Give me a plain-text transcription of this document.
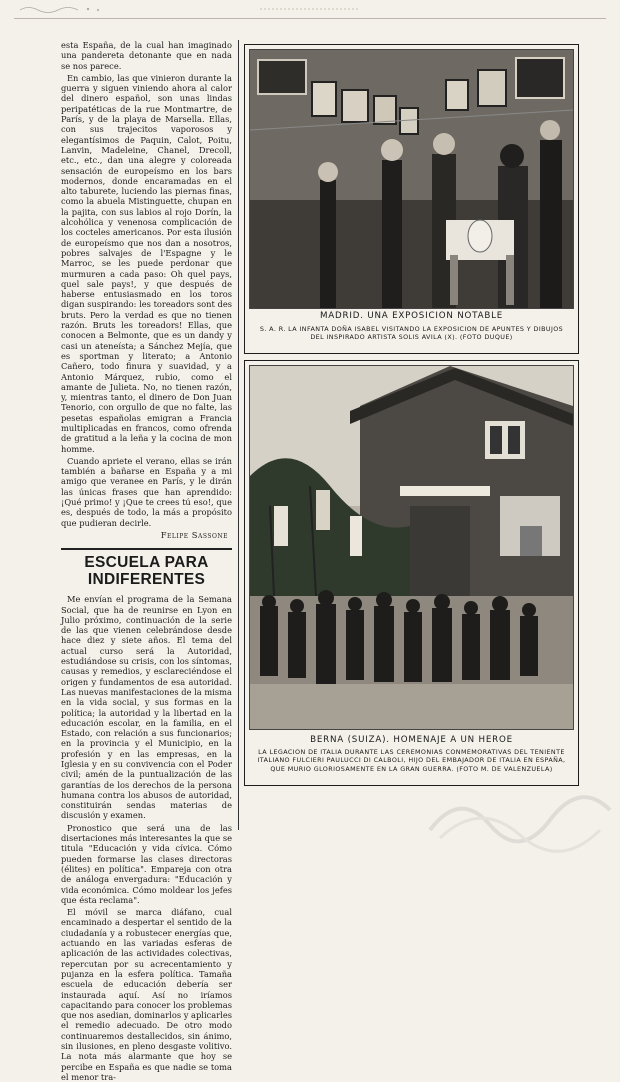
esta España, de la cual han imaginado una pandereta detonante que en nada se nos parece.

En cambio, las que vinieron durante la guerra y siguen viniendo ahora al calor del dinero español, son unas lindas peripatéticas de la rue Montmartre, de París, y de la playa de Marsella. Ellas, con sus trajecitos vaporosos y elegantísimos de Paquin, Calot, Poitu, Lanvin, Madeleine, Chanel, Drecoll, etc., etc., dan una alegre y coloreada sensación de europeísmo en los bars modernos, donde encaramadas en el alto taburete, luciendo las piernas finas, como la abuela Mistinguette, chupan en la pajita, con sus labios al rojo Dorín, la alcohólica y venenosa complicación de los cocteles americanos. Por esta ilusión de europeísmo que nos dan a nosotros, pobres salvajes de l'Espagne y le Marroc, se les puede perdonar que murmuren a cada paso: Oh quel pays, quel sale pays!, y que después de haberse entusiasmado en los toros digan suspirando: les toreadors sont des bruts. Pero la verdad es que no tienen razón. Bruts les toreadors! Ellas, que conocen a Belmonte, que es un dandy y casi un ateneísta; a Sánchez Mejía, que es sportman y literato; a Antonio Cañero, todo finura y suavidad, y a Antonio Márquez, rubio, como el amante de Julieta. No, no tienen razón, y, mientras tanto, el dinero de Don Juan Tenorio, con orgullo de que no falte, las pesetas españolas emigran a Francia multiplicadas en francos, como ofrenda de gratitud a la leña y la cocina de mon homme.

Cuando apriete el verano, ellas se irán también a bañarse en España y a mi amigo que veranee en París, y le dirán las únicas frases que han aprendido: ¡Qué primo! y ¡Que te crees tú eso!, que es, después de todo, la más a propósito que pudieran decirle.

Felipe Sassone
ESCUELA PARA INDIFERENTES

Me envían el programa de la Semana Social, que ha de reunirse en Lyon en Julio próximo, continuación de la serie de las que vienen celebrándose desde hace diez y siete años. El tema del actual curso será la Autoridad, estudiándose su crisis, con los síntomas, causas y remedios, y esclareciéndose el origen y fundamentos de esa autoridad. Las nuevas manifestaciones de la misma en la vida social, y sus formas en la política; la autoridad y la libertad en la educación escolar, en la familia, en el Estado, con relación a sus funcionarios; en la provincia y el Municipio, en la profesión y en las empresas, en la Iglesia y en su convivencia con el Poder civil; amén de la puntualización de las garantías de los derechos de la persona humana contra los abusos de autoridad, constituirán sendas materias de discusión y examen.

Pronostico que será una de las disertaciones más interesantes la que se titula "Educación y vida cívica. Cómo pueden formarse las clases directoras (élites) en política". Empareja con otra de análoga envergadura: "Educación y vida económica. Cómo moldear los jefes que ésta reclama".

El móvil se marca diáfano, cual encaminado a despertar el sentido de la ciudadanía y a robustecer energías que, actuando en las variadas esferas de aplicación de las actividades colectivas, repercutan por su acrecentamiento y pujanza en la esfera política. Tamaña escuela de educación debería ser instaurada aquí. Así no iríamos capacitando para conocer los problemas que nos asedian, dominarlos y aplicarles el remedio adecuado. De otro modo continuaremos destallecidos, sin ánimo, sin ilusiones, en pleno desgaste volitivo. La nota más alarmante que hoy se percibe en España es que nadie se toma el menor tra-

MADRID. UNA EXPOSICION NOTABLE
S. A. R. LA INFANTA DOÑA ISABEL VISITANDO LA EXPOSICION DE APUNTES Y DIBUJOS DEL INSPIRADO ARTISTA SOLIS AVILA (X). (FOTO DUQUE)
BERNA (SUIZA). HOMENAJE A UN HEROE
LA LEGACION DE ITALIA DURANTE LAS CEREMONIAS CONMEMORATIVAS DEL TENIENTE ITALIANO FULCIERI PAULUCCI DI CALBOLI, HIJO DEL EMBAJADOR DE ITALIA EN ESPAÑA, QUE MURIO GLORIOSAMENTE EN LA GRAN GUERRA. (FOTO M. DE VALENZUELA)
